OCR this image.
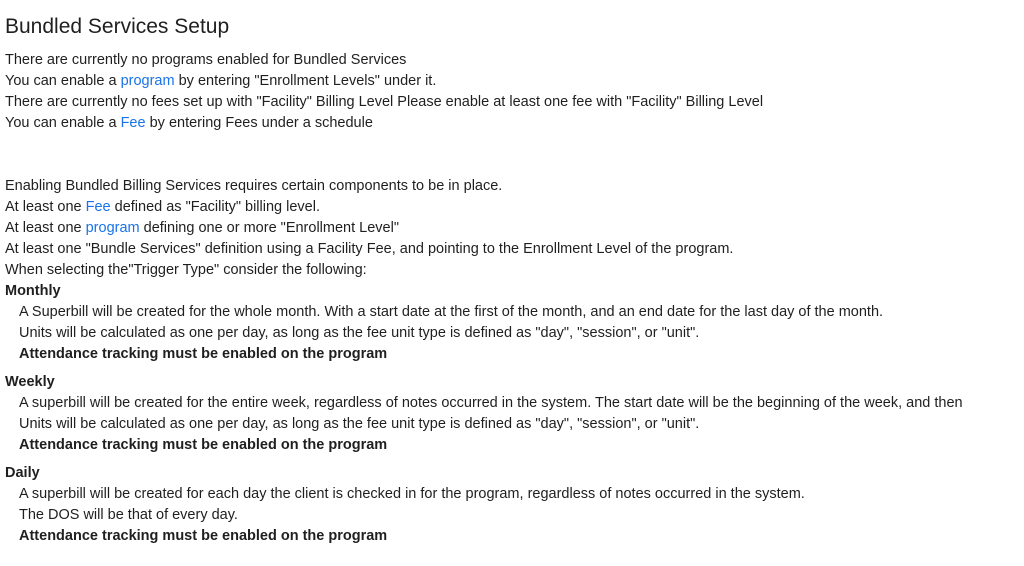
Bundled Services Setup
There are currently no programs enabled for Bundled Services
You can enable a program by entering "Enrollment Levels" under it.
There are currently no fees set up with "Facility" Billing Level Please enable at least one fee with "Facility" Billing Level
You can enable a Fee by entering Fees under a schedule
Enabling Bundled Billing Services requires certain components to be in place.
At least one Fee defined as "Facility" billing level.
At least one program defining one or more "Enrollment Level"
At least one "Bundle Services" definition using a Facility Fee, and pointing to the Enrollment Level of the program.
When selecting the"Trigger Type" consider the following:
Monthly
A Superbill will be created for the whole month. With a start date at the first of the month, and an end date for the last day of the month.
Units will be calculated as one per day, as long as the fee unit type is defined as "day", "session", or "unit".
Attendance tracking must be enabled on the program
Weekly
A superbill will be created for the entire week, regardless of notes occurred in the system. The start date will be the beginning of the week, and then
Units will be calculated as one per day, as long as the fee unit type is defined as "day", "session", or "unit".
Attendance tracking must be enabled on the program
Daily
A superbill will be created for each day the client is checked in for the program, regardless of notes occurred in the system.
The DOS will be that of every day.
Attendance tracking must be enabled on the program
